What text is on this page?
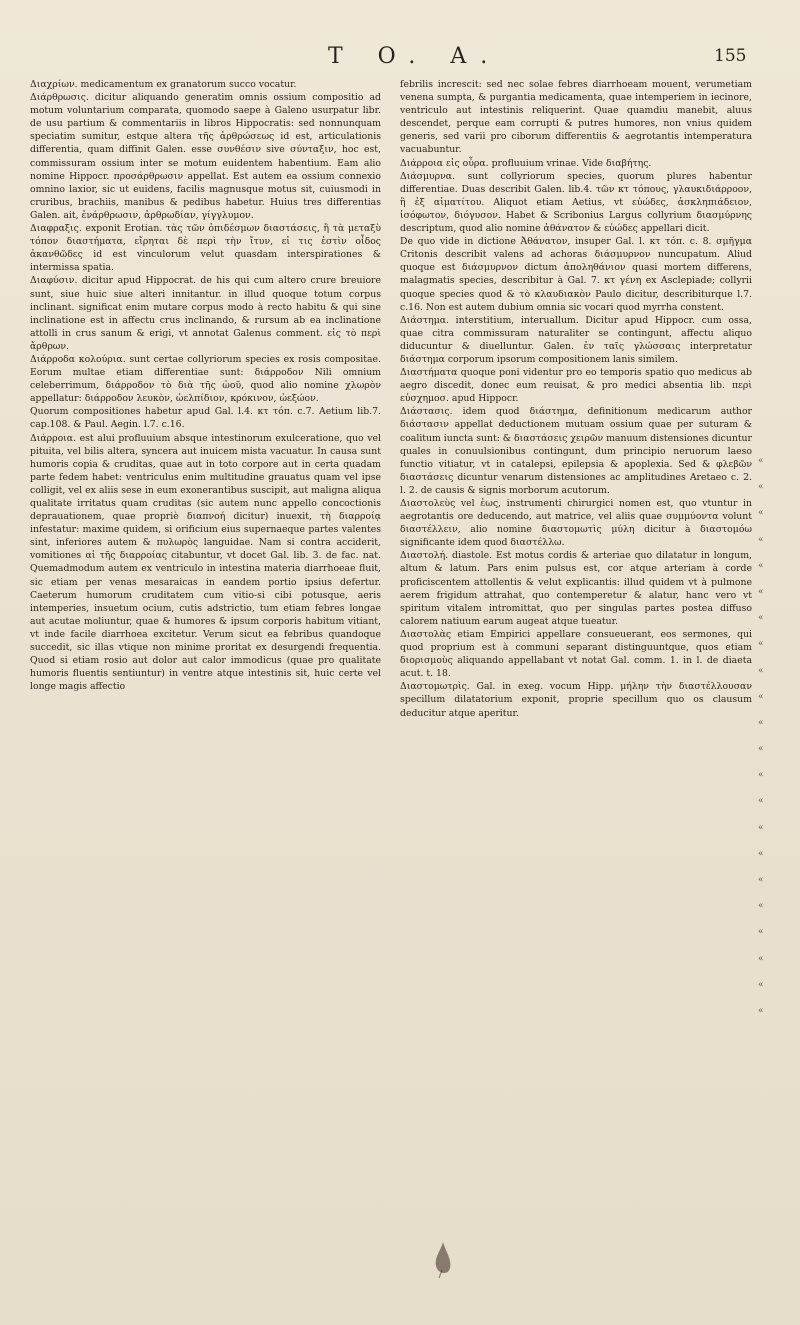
T O. A.	155

Διαχρίων. medicamentum ex granatorum succo vocatur.

Διάρθρωσις. dicitur aliquando generatim omnis ossium compositio ad motum voluntarium comparata, quomodo saepe à Galeno usurpatur libr. de usu partium & commentariis in libros Hippocratis: sed nonnunquam speciatim sumitur, estque altera τῆς ἀρθρώσεως id est, articulationis differentia, quam diffinit Galen. esse συνθέσιν sive σύνταξιν, hoc est, commissuram ossium inter se motum euidentem habentium. Eam alio nomine Hippocr. προσάρθρωσιν appellat. Est autem ea ossium connexio omnino laxior, sic ut euidens, facilis magnusque motus sit, cuiusmodi in cruribus, brachiis, manibus & pedibus habetur. Huius tres differentias Galen. ait, ἐνάρθρωσιν, ἀρθρωδίαν, γίγγλυμον.

Διαφραξις. exponit Erotian. τὰς τῶν ὀπιδέσμων διαστάσεις, ἢ τὰ μεταξὺ τόπον διαστήματα, εἴρηται δὲ περὶ τὴν ἴτυν, εἰ τις ἐστὶν οἷδος ἀκανθῶδες id est vinculorum velut quasdam interspirationes & intermissa spatia.

Διαφύσιν. dicitur apud Hippocrat. de his qui cum altero crure breuiore sunt, siue huic siue alteri innitantur. in illud quoque totum corpus inclinant. significat enim mutare corpus modo à recto habitu & qui sine inclinatione est in affectu crus inclinando, & rursum ab ea inclinatione attolli in crus sanum & erigi, vt annotat Galenus comment. εἰς τὸ περὶ ἄρθρων.

Διάρροδα κολούρια. sunt certae collyriorum species ex rosis compositae. Eorum multae etiam differentiae sunt: διάρροδον Nili omnium celeberrimum, διάρροδον τὸ διὰ τῆς ὠοῦ, quod alio nomine χλωρὸν appellatur: διάρροδον λευκὸν, ὡελπίδιον, κρόκινον, ὠεξώον.

Quorum compositiones habetur apud Gal. l.4. κτ τόπ. c.7. Aetium lib.7. cap.108. & Paul. Aegin. l.7. c.16.

Διάρροια. est alui profluuium absque intestinorum exulceratione, quo vel pituita, vel bilis altera, syncera aut inuicem mista vacuatur. In causa sunt humoris copia & cruditas, quae aut in toto corpore aut in certa quadam parte fedem habet: ventriculus enim multitudine grauatus quam vel ipse colligit, vel ex aliis sese in eum exonerantibus suscipit, aut maligna aliqua qualitate irritatus quam cruditas (sic autem nunc appello concoctionis deprauationem, quae propriè διαπνοή dicitur) inuexit, τὴ διαρροίᾳ infestatur: maxime quidem, si orificium eius supernaeque partes valentes sint, inferiores autem & πυλωρὸς languidae. Nam si contra acciderit, vomitiones αἱ τῆς διαρροίας citabuntur, vt docet Gal. lib. 3. de fac. nat. Quemadmodum autem ex ventriculo in intestina materia diarrhoeae fluit, sic etiam per venas mesaraicas in eandem portio ipsius defertur. Caeterum humorum cruditatem cum vitio-si cibi potusque, aeris intemperies, insuetum ocium, cutis adstrictio, tum etiam febres longae aut acutae moliuntur, quae & humores & ipsum corporis habitum vitiant, vt inde facile diarrhoea excitetur. Verum sicut ea febribus quandoque succedit, sic illas vtique non minime proritat ex desurgendi frequentia. Quod si etiam rosio aut dolor aut calor immodicus (quae pro qualitate humoris fluentis sentiuntur) in ventre atque intestinis sit, huic certe vel longe magis affectio

febrilis increscit: sed nec solae febres diarrhoeam mouent, verumetiam venena sumpta, & purgantia medicamenta, quae intemperiem in iecinore, ventriculo aut intestinis reliquerint. Quae quamdiu manebit, aluus descendet, perque eam corrupti & putres humores, non vnius quidem generis, sed varii pro ciborum differentiis & aegrotantis intemperatura vacuabuntur.

Διάρροια εἰς οὖρα. profluuium vrinae. Vide διαβήτης.

Διάσμυρνα. sunt collyriorum species, quorum plures habentur differentiae. Duas describit Galen. lib.4. τῶν κτ τόπους, γλαυκιδιάρροον, ἢ ἐξ αἱματίτου. Aliquot etiam Aetius, vt εὐώδες, ἀσκληπιάδειον, ἰσόφωτον, διόγυσον. Habet & Scribonius Largus collyrium διασμύρνης descriptum, quod alio nomine ἀθάνατον & εὐώδες appellari dicit.

De quo vide in dictione Ἀθάνατον, insuper Gal. l. κτ τόπ. c. 8. σμῆγμα Critonis describit valens ad achoras διάσμυρνον nuncupatum. Aliud quoque est διάσμυρνον dictum ἀποληθάνιον quasi mortem differens, malagmatis species, describitur à Gal. 7. κτ γένη ex Asclepiade; collyrii quoque species quod & τὸ κλαυδιακὸν Paulo dicitur, describiturque l.7. c.16. Non est autem dubium omnia sic vocari quod myrrha constent.

Διάστημα. interstitium, interuallum. Dicitur apud Hippocr. cum ossa, quae citra commissuram naturaliter se contingunt, affectu aliquo diducuntur & diuelluntur. Galen. ἐν ταῖς γλώσσαις interpretatur διάστημα corporum ipsorum compositionem lanis similem.

Διαστήματα quoque poni videntur pro eo temporis spatio quo medicus ab aegro discedit, donec eum reuisat, & pro medici absentia lib. περὶ εὐσχημοσ. apud Hippocr.

Διάστασις. idem quod διάστημα, definitionum medicarum author διάστασιν appellat deductionem mutuam ossium quae per suturam & coalitum iuncta sunt: & διαστάσεις χειρῶν manuum distensiones dicuntur quales in conuulsionibus contingunt, dum principio neruorum laeso functio vitiatur, vt in catalepsi, epilepsia & apoplexia. Sed & φλεβῶν διαστάσεις dicuntur venarum distensiones ac amplitudines Aretaeo c. 2. l. 2. de causis & signis morborum acutorum.

Διαστολεὺς vel ἐως, instrumenti chirurgici nomen est, quo vtuntur in aegrotantis ore deducendo, aut matrice, vel aliis quae συμμύοντα volunt διαστέλλειν, alio nomine διαστομωτὶς μύλη dicitur à διαστομόω significante idem quod διαστέλλω.

Διαστολή. diastole. Est motus cordis & arteriae quo dilatatur in longum, altum & latum. Pars enim pulsus est, cor atque arteriam à corde proficiscentem attollentis & velut explicantis: illud quidem vt à pulmone aerem frigidum attrahat, quo contemperetur & alatur, hanc vero vt spiritum vitalem intromittat, quo per singulas partes postea diffuso calorem natiuum earum augeat atque tueatur.

Διαστολὰς etiam Empirici appellare consueuerant, eos sermones, qui quod proprium est à communi separant distinguuntque, quos etiam διορισμοὺς aliquando appellabant vt notat Gal. comm. 1. in l. de diaeta acut. t. 18.

Διαστομωτρὶς. Gal. in exeg. vocum Hipp. μήλην τὴν διαστέλλουσαν specillum dilatatorium exponit, proprie specillum quo os clausum deducitur atque aperitur.

«
«
«
«
«
«
«
«
«
«
«
«
«
«
«
«
«
«
«
«
«
«
